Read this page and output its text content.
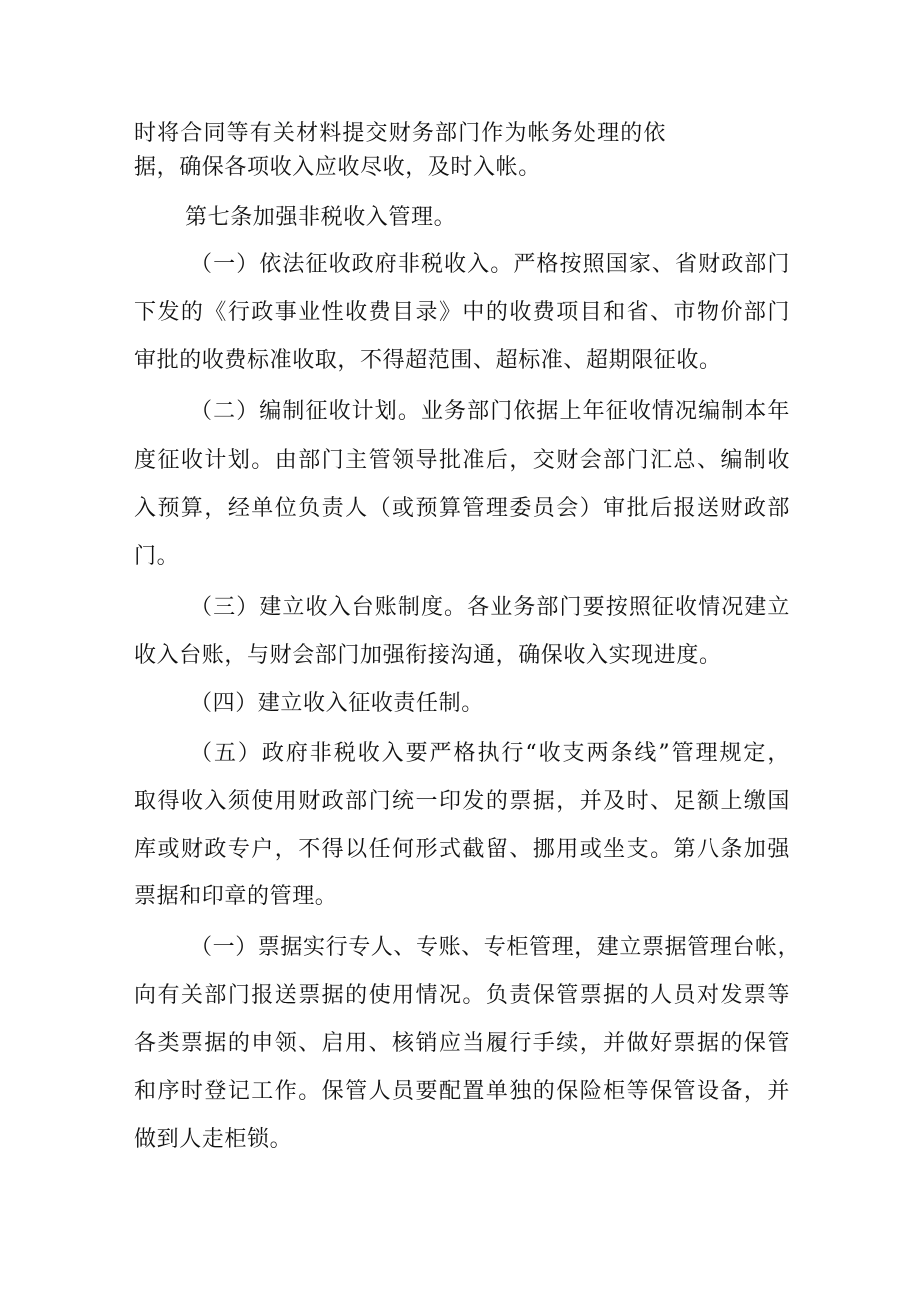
时将合同等有关材料提交财务部门作为帐务处理的依
据，确保各项收入应收尽收，及时入帐。
第七条加强非税收入管理。
（一）依法征收政府非税收入。严格按照国家、省财政部门
下发的《行政事业性收费目录》中的收费项目和省、市物价部门
审批的收费标准收取，不得超范围、超标准、超期限征收。
（二）编制征收计划。业务部门依据上年征收情况编制本年
度征收计划。由部门主管领导批准后，交财会部门汇总、编制收
入预算，经单位负责人（或预算管理委员会）审批后报送财政部
门。
（三）建立收入台账制度。各业务部门要按照征收情况建立
收入台账，与财会部门加强衔接沟通，确保收入实现进度。
（四）建立收入征收责任制。
（五）政府非税收入要严格执行“收支两条线”管理规定，
取得收入须使用财政部门统一印发的票据，并及时、足额上缴国
库或财政专户，不得以任何形式截留、挪用或坐支。第八条加强
票据和印章的管理。
（一）票据实行专人、专账、专柜管理，建立票据管理台帐，
向有关部门报送票据的使用情况。负责保管票据的人员对发票等
各类票据的申领、启用、核销应当履行手续，并做好票据的保管
和序时登记工作。保管人员要配置单独的保险柜等保管设备，并
做到人走柜锁。
